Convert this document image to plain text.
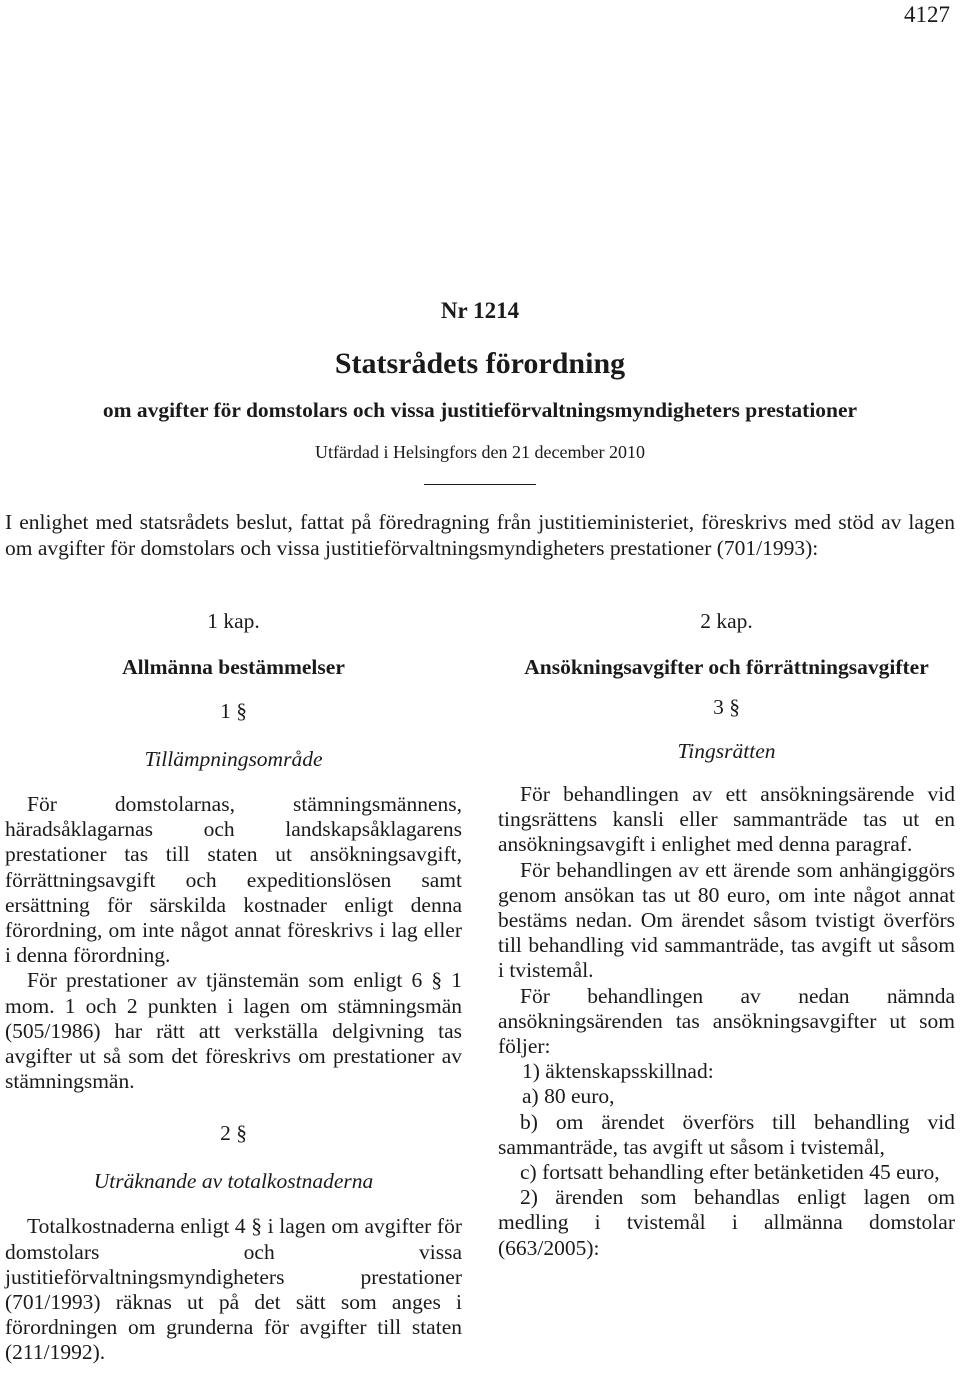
4127
Nr 1214
Statsrådets förordning
om avgifter för domstolars och vissa justitieförvaltningsmyndigheters prestationer
Utfärdad i Helsingfors den 21 december 2010
I enlighet med statsrådets beslut, fattat på föredragning från justitieministeriet, föreskrivs med stöd av lagen om avgifter för domstolars och vissa justitieförvaltningsmyndigheters prestationer (701/1993):

1 kap.

Allmänna bestämmelser

1 §

Tillämpningsområde

För domstolarnas, stämningsmännens, häradsåklagarnas och landskapsåklagarens prestationer tas till staten ut ansökningsavgift, förrättningsavgift och expeditionslösen samt ersättning för särskilda kostnader enligt denna förordning, om inte något annat föreskrivs i lag eller i denna förordning.

För prestationer av tjänstemän som enligt 6 § 1 mom. 1 och 2 punkten i lagen om stämningsmän (505/1986) har rätt att verkställa delgivning tas avgifter ut så som det föreskrivs om prestationer av stämningsmän.

2 §

Uträknande av totalkostnaderna

Totalkostnaderna enligt 4 § i lagen om avgifter för domstolars och vissa justitieförvaltningsmyndigheters prestationer (701/1993) räknas ut på det sätt som anges i förordningen om grunderna för avgifter till staten (211/1992).

2 kap.

Ansökningsavgifter och förrättningsavgifter

3 §

Tingsrätten

För behandlingen av ett ansökningsärende vid tingsrättens kansli eller sammanträde tas ut en ansökningsavgift i enlighet med denna paragraf.

För behandlingen av ett ärende som anhängiggörs genom ansökan tas ut 80 euro, om inte något annat bestäms nedan. Om ärendet såsom tvistigt överförs till behandling vid sammanträde, tas avgift ut såsom i tvistemål.

För behandlingen av nedan nämnda ansökningsärenden tas ansökningsavgifter ut som följer:

1) äktenskapsskillnad:

a) 80 euro,

b) om ärendet överförs till behandling vid sammanträde, tas avgift ut såsom i tvistemål,

c) fortsatt behandling efter betänketiden 45 euro,

2) ärenden som behandlas enligt lagen om medling i tvistemål i allmänna domstolar (663/2005):
